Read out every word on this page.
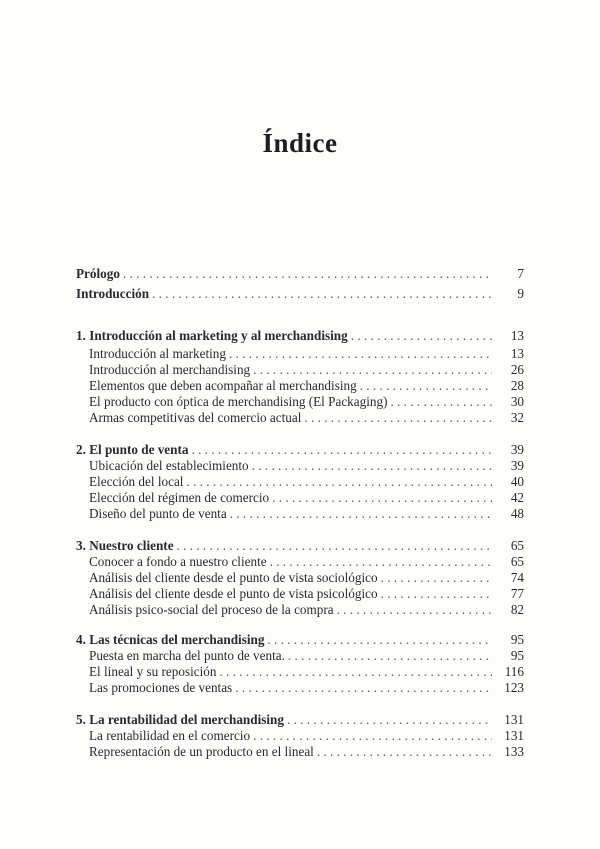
Índice
Prólogo . . .	7
Introducción . . .	9
1. Introducción al marketing y al merchandising . . .	13
Introducción al marketing . . .	13
Introducción al merchandising . . .	26
Elementos que deben acompañar al merchandising . . .	28
El producto con óptica de merchandising (El Packaging) . . .	30
Armas competitivas del comercio actual . . .	32
2. El punto de venta . . .	39
Ubicación del establecimiento . . .	39
Elección del local . . .	40
Elección del régimen de comercio . . .	42
Diseño del punto de venta . . .	48
3. Nuestro cliente . . .	65
Conocer a fondo a nuestro cliente . . .	65
Análisis del cliente desde el punto de vista sociológico . . .	74
Análisis del cliente desde el punto de vista psicológico . . .	77
Análisis psico-social del proceso de la compra . . .	82
4. Las técnicas del merchandising . . .	95
Puesta en marcha del punto de venta. . . .	95
El lineal y su reposición . . .	116
Las promociones de ventas . . .	123
5. La rentabilidad del merchandising . . .	131
La rentabilidad en el comercio . . .	131
Representación de un producto en el lineal . . .	133
